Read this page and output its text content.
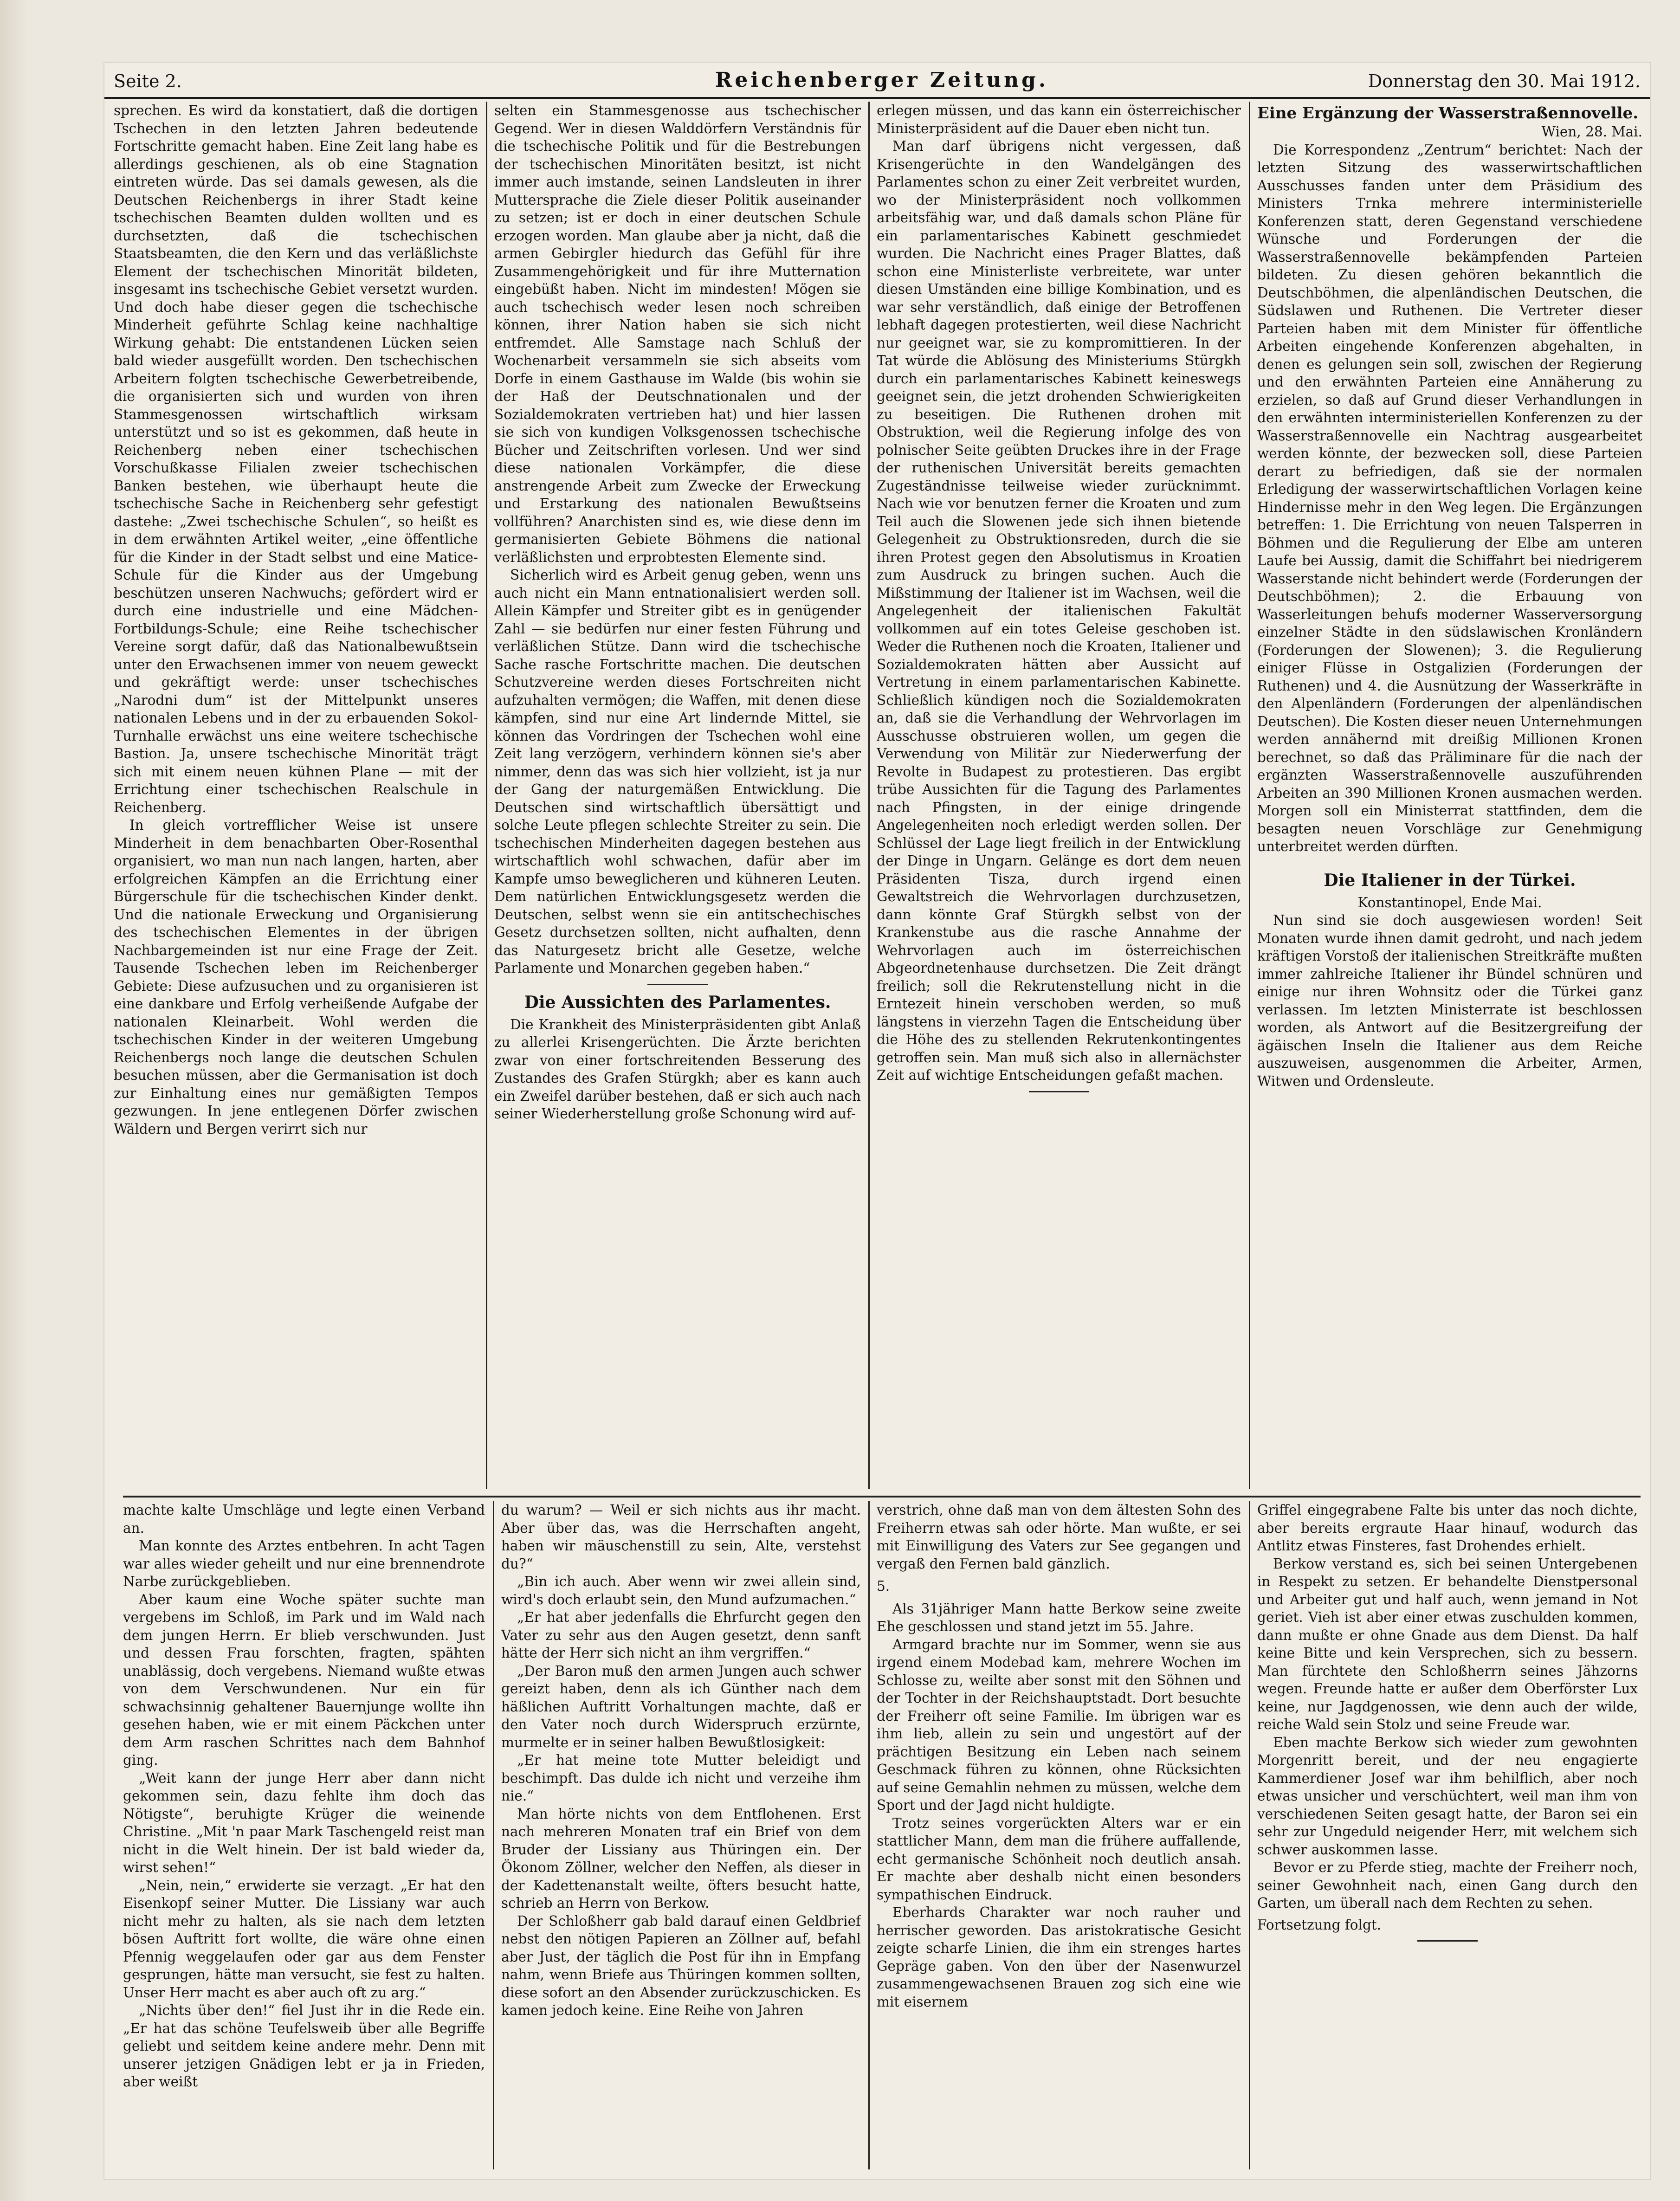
Seite 2.	Reichenberger Zeitung.	Donnerstag den 30. Mai 1912.

sprechen. Es wird da konstatiert, daß die dortigen Tschechen in den letzten Jahren bedeutende Fortschritte gemacht haben. Eine Zeit lang habe es allerdings geschienen, als ob eine Stagnation eintreten würde. Das sei damals gewesen, als die Deutschen Reichenbergs in ihrer Stadt keine tschechischen Beamten dulden wollten und es durchsetzten, daß die tschechischen Staatsbeamten, die den Kern und das verläßlichste Element der tschechischen Minorität bildeten, insgesamt ins tschechische Gebiet versetzt wurden. Und doch habe dieser gegen die tschechische Minderheit geführte Schlag keine nachhaltige Wirkung gehabt: Die entstandenen Lücken seien bald wieder ausgefüllt worden. Den tschechischen Arbeitern folgten tschechische Gewerbetreibende, die organisierten sich und wurden von ihren Stammesgenossen wirtschaftlich wirksam unterstützt und so ist es gekommen, daß heute in Reichenberg neben einer tschechischen Vorschußkasse Filialen zweier tschechischen Banken bestehen, wie überhaupt heute die tschechische Sache in Reichenberg sehr gefestigt dastehe: „Zwei tschechische Schulen“, so heißt es in dem erwähnten Artikel weiter, „eine öffentliche für die Kinder in der Stadt selbst und eine Matice-Schule für die Kinder aus der Umgebung beschützen unseren Nachwuchs; gefördert wird er durch eine industrielle und eine Mädchen-Fortbildungs-Schule; eine Reihe tschechischer Vereine sorgt dafür, daß das Nationalbewußtsein unter den Erwachsenen immer von neuem geweckt und gekräftigt werde: unser tschechisches „Narodni dum“ ist der Mittelpunkt unseres nationalen Lebens und in der zu erbauenden Sokol-Turnhalle erwächst uns eine weitere tschechische Bastion. Ja, unsere tschechische Minorität trägt sich mit einem neuen kühnen Plane — mit der Errichtung einer tschechischen Realschule in Reichenberg.

In gleich vortrefflicher Weise ist unsere Minderheit in dem benachbarten Ober-Rosenthal organisiert, wo man nun nach langen, harten, aber erfolgreichen Kämpfen an die Errichtung einer Bürgerschule für die tschechischen Kinder denkt. Und die nationale Erweckung und Organisierung des tschechischen Elementes in der übrigen Nachbargemeinden ist nur eine Frage der Zeit. Tausende Tschechen leben im Reichenberger Gebiete: Diese aufzusuchen und zu organisieren ist eine dankbare und Erfolg verheißende Aufgabe der nationalen Kleinarbeit. Wohl werden die tschechischen Kinder in der weiteren Umgebung Reichenbergs noch lange die deutschen Schulen besuchen müssen, aber die Germanisation ist doch zur Einhaltung eines nur gemäßigten Tempos gezwungen. In jene entlegenen Dörfer zwischen Wäldern und Bergen verirrt sich nur

selten ein Stammesgenosse aus tschechischer Gegend. Wer in diesen Walddörfern Verständnis für die tschechische Politik und für die Bestrebungen der tschechischen Minoritäten besitzt, ist nicht immer auch imstande, seinen Landsleuten in ihrer Muttersprache die Ziele dieser Politik auseinander zu setzen; ist er doch in einer deutschen Schule erzogen worden. Man glaube aber ja nicht, daß die armen Gebirgler hiedurch das Gefühl für ihre Zusammengehörigkeit und für ihre Mutternation eingebüßt haben. Nicht im mindesten! Mögen sie auch tschechisch weder lesen noch schreiben können, ihrer Nation haben sie sich nicht entfremdet. Alle Samstage nach Schluß der Wochenarbeit versammeln sie sich abseits vom Dorfe in einem Gasthause im Walde (bis wohin sie der Haß der Deutschnationalen und der Sozialdemokraten vertrieben hat) und hier lassen sie sich von kundigen Volksgenossen tschechische Bücher und Zeitschriften vorlesen. Und wer sind diese nationalen Vorkämpfer, die diese anstrengende Arbeit zum Zwecke der Erweckung und Erstarkung des nationalen Bewußtseins vollführen? Anarchisten sind es, wie diese denn im germanisierten Gebiete Böhmens die national verläßlichsten und erprobtesten Elemente sind.

Sicherlich wird es Arbeit genug geben, wenn uns auch nicht ein Mann entnationalisiert werden soll. Allein Kämpfer und Streiter gibt es in genügender Zahl — sie bedürfen nur einer festen Führung und verläßlichen Stütze. Dann wird die tschechische Sache rasche Fortschritte machen. Die deutschen Schutzvereine werden dieses Fortschreiten nicht aufzuhalten vermögen; die Waffen, mit denen diese kämpfen, sind nur eine Art lindernde Mittel, sie können das Vordringen der Tschechen wohl eine Zeit lang verzögern, verhindern können sie's aber nimmer, denn das was sich hier vollzieht, ist ja nur der Gang der naturgemäßen Entwicklung. Die Deutschen sind wirtschaftlich übersättigt und solche Leute pflegen schlechte Streiter zu sein. Die tschechischen Minderheiten dagegen bestehen aus wirtschaftlich wohl schwachen, dafür aber im Kampfe umso beweglicheren und kühneren Leuten. Dem natürlichen Entwicklungsgesetz werden die Deutschen, selbst wenn sie ein antitschechisches Gesetz durchsetzen sollten, nicht aufhalten, denn das Naturgesetz bricht alle Gesetze, welche Parlamente und Monarchen gegeben haben.“

Die Aussichten des Parlamentes.

Die Krankheit des Ministerpräsidenten gibt Anlaß zu allerlei Krisengerüchten. Die Ärzte berichten zwar von einer fortschreitenden Besserung des Zustandes des Grafen Stürgkh; aber es kann auch ein Zweifel darüber bestehen, daß er sich auch nach seiner Wiederherstellung große Schonung wird auf-

erlegen müssen, und das kann ein österreichischer Ministerpräsident auf die Dauer eben nicht tun.

Man darf übrigens nicht vergessen, daß Krisengerüchte in den Wandelgängen des Parlamentes schon zu einer Zeit verbreitet wurden, wo der Ministerpräsident noch vollkommen arbeitsfähig war, und daß damals schon Pläne für ein parlamentarisches Kabinett geschmiedet wurden. Die Nachricht eines Prager Blattes, daß schon eine Ministerliste verbreitete, war unter diesen Umständen eine billige Kombination, und es war sehr verständlich, daß einige der Betroffenen lebhaft dagegen protestierten, weil diese Nachricht nur geeignet war, sie zu kompromittieren. In der Tat würde die Ablösung des Ministeriums Stürgkh durch ein parlamentarisches Kabinett keineswegs geeignet sein, die jetzt drohenden Schwierigkeiten zu beseitigen. Die Ruthenen drohen mit Obstruktion, weil die Regierung infolge des von polnischer Seite geübten Druckes ihre in der Frage der ruthenischen Universität bereits gemachten Zugeständnisse teilweise wieder zurücknimmt. Nach wie vor benutzen ferner die Kroaten und zum Teil auch die Slowenen jede sich ihnen bietende Gelegenheit zu Obstruktionsreden, durch die sie ihren Protest gegen den Absolutismus in Kroatien zum Ausdruck zu bringen suchen. Auch die Mißstimmung der Italiener ist im Wachsen, weil die Angelegenheit der italienischen Fakultät vollkommen auf ein totes Geleise geschoben ist. Weder die Ruthenen noch die Kroaten, Italiener und Sozialdemokraten hätten aber Aussicht auf Vertretung in einem parlamentarischen Kabinette. Schließlich kündigen noch die Sozialdemokraten an, daß sie die Verhandlung der Wehrvorlagen im Ausschusse obstruieren wollen, um gegen die Verwendung von Militär zur Niederwerfung der Revolte in Budapest zu protestieren. Das ergibt trübe Aussichten für die Tagung des Parlamentes nach Pfingsten, in der einige dringende Angelegenheiten noch erledigt werden sollen. Der Schlüssel der Lage liegt freilich in der Entwicklung der Dinge in Ungarn. Gelänge es dort dem neuen Präsidenten Tisza, durch irgend einen Gewaltstreich die Wehrvorlagen durchzusetzen, dann könnte Graf Stürgkh selbst von der Krankenstube aus die rasche Annahme der Wehrvorlagen auch im österreichischen Abgeordnetenhause durchsetzen. Die Zeit drängt freilich; soll die Rekrutenstellung nicht in die Erntezeit hinein verschoben werden, so muß längstens in vierzehn Tagen die Entscheidung über die Höhe des zu stellenden Rekrutenkontingentes getroffen sein. Man muß sich also in allernächster Zeit auf wichtige Entscheidungen gefaßt machen.

Eine Ergänzung der Wasserstraßennovelle.
Wien, 28. Mai.

Die Korrespondenz „Zentrum“ berichtet: Nach der letzten Sitzung des wasserwirtschaftlichen Ausschusses fanden unter dem Präsidium des Ministers Trnka mehrere interministerielle Konferenzen statt, deren Gegenstand verschiedene Wünsche und Forderungen der die Wasserstraßennovelle bekämpfenden Parteien bildeten. Zu diesen gehören bekanntlich die Deutschböhmen, die alpenländischen Deutschen, die Südslawen und Ruthenen. Die Vertreter dieser Parteien haben mit dem Minister für öffentliche Arbeiten eingehende Konferenzen abgehalten, in denen es gelungen sein soll, zwischen der Regierung und den erwähnten Parteien eine Annäherung zu erzielen, so daß auf Grund dieser Verhandlungen in den erwähnten interministeriellen Konferenzen zu der Wasserstraßennovelle ein Nachtrag ausgearbeitet werden könnte, der bezwecken soll, diese Parteien derart zu befriedigen, daß sie der normalen Erledigung der wasserwirtschaftlichen Vorlagen keine Hindernisse mehr in den Weg legen. Die Ergänzungen betreffen: 1. Die Errichtung von neuen Talsperren in Böhmen und die Regulierung der Elbe am unteren Laufe bei Aussig, damit die Schiffahrt bei niedrigerem Wasserstande nicht behindert werde (Forderungen der Deutschböhmen); 2. die Erbauung von Wasserleitungen behufs moderner Wasserversorgung einzelner Städte in den südslawischen Kronländern (Forderungen der Slowenen); 3. die Regulierung einiger Flüsse in Ostgalizien (Forderungen der Ruthenen) und 4. die Ausnützung der Wasserkräfte in den Alpenländern (Forderungen der alpenländischen Deutschen). Die Kosten dieser neuen Unternehmungen werden annähernd mit dreißig Millionen Kronen berechnet, so daß das Präliminare für die nach der ergänzten Wasserstraßennovelle auszuführenden Arbeiten an 390 Millionen Kronen ausmachen werden. Morgen soll ein Ministerrat stattfinden, dem die besagten neuen Vorschläge zur Genehmigung unterbreitet werden dürften.

Die Italiener in der Türkei.
Konstantinopel, Ende Mai.

Nun sind sie doch ausgewiesen worden! Seit Monaten wurde ihnen damit gedroht, und nach jedem kräftigen Vorstoß der italienischen Streitkräfte mußten immer zahlreiche Italiener ihr Bündel schnüren und einige nur ihren Wohnsitz oder die Türkei ganz verlassen. Im letzten Ministerrate ist beschlossen worden, als Antwort auf die Besitzergreifung der ägäischen Inseln die Italiener aus dem Reiche auszuweisen, ausgenommen die Arbeiter, Armen, Witwen und Ordensleute.

machte kalte Umschläge und legte einen Verband an.

Man konnte des Arztes entbehren. In acht Tagen war alles wieder geheilt und nur eine brennendrote Narbe zurückgeblieben.

Aber kaum eine Woche später suchte man vergebens im Schloß, im Park und im Wald nach dem jungen Herrn. Er blieb verschwunden. Just und dessen Frau forschten, fragten, spähten unablässig, doch vergebens. Niemand wußte etwas von dem Verschwundenen. Nur ein für schwachsinnig gehaltener Bauernjunge wollte ihn gesehen haben, wie er mit einem Päckchen unter dem Arm raschen Schrittes nach dem Bahnhof ging.

„Weit kann der junge Herr aber dann nicht gekommen sein, dazu fehlte ihm doch das Nötigste“, beruhigte Krüger die weinende Christine. „Mit 'n paar Mark Taschengeld reist man nicht in die Welt hinein. Der ist bald wieder da, wirst sehen!“

„Nein, nein,“ erwiderte sie verzagt. „Er hat den Eisenkopf seiner Mutter. Die Lissiany war auch nicht mehr zu halten, als sie nach dem letzten bösen Auftritt fort wollte, die wäre ohne einen Pfennig weggelaufen oder gar aus dem Fenster gesprungen, hätte man versucht, sie fest zu halten. Unser Herr macht es aber auch oft zu arg.“

„Nichts über den!“ fiel Just ihr in die Rede ein. „Er hat das schöne Teufelsweib über alle Begriffe geliebt und seitdem keine andere mehr. Denn mit unserer jetzigen Gnädigen lebt er ja in Frieden, aber weißt

du warum? — Weil er sich nichts aus ihr macht. Aber über das, was die Herrschaften angeht, haben wir mäuschenstill zu sein, Alte, verstehst du?“

„Bin ich auch. Aber wenn wir zwei allein sind, wird's doch erlaubt sein, den Mund aufzumachen.“

„Er hat aber jedenfalls die Ehrfurcht gegen den Vater zu sehr aus den Augen gesetzt, denn sanft hätte der Herr sich nicht an ihm vergriffen.“

„Der Baron muß den armen Jungen auch schwer gereizt haben, denn als ich Günther nach dem häßlichen Auftritt Vorhaltungen machte, daß er den Vater noch durch Widerspruch erzürnte, murmelte er in seiner halben Bewußtlosigkeit:

„Er hat meine tote Mutter beleidigt und beschimpft. Das dulde ich nicht und verzeihe ihm nie.“

Man hörte nichts von dem Entflohenen. Erst nach mehreren Monaten traf ein Brief von dem Bruder der Lissiany aus Thüringen ein. Der Ökonom Zöllner, welcher den Neffen, als dieser in der Kadettenanstalt weilte, öfters besucht hatte, schrieb an Herrn von Berkow.

Der Schloßherr gab bald darauf einen Geldbrief nebst den nötigen Papieren an Zöllner auf, befahl aber Just, der täglich die Post für ihn in Empfang nahm, wenn Briefe aus Thüringen kommen sollten, diese sofort an den Absender zurückzuschicken. Es kamen jedoch keine. Eine Reihe von Jahren

verstrich, ohne daß man von dem ältesten Sohn des Freiherrn etwas sah oder hörte. Man wußte, er sei mit Einwilligung des Vaters zur See gegangen und vergaß den Fernen bald gänzlich.

5.

Als 31jähriger Mann hatte Berkow seine zweite Ehe geschlossen und stand jetzt im 55. Jahre.

Armgard brachte nur im Sommer, wenn sie aus irgend einem Modebad kam, mehrere Wochen im Schlosse zu, weilte aber sonst mit den Söhnen und der Tochter in der Reichshauptstadt. Dort besuchte der Freiherr oft seine Familie. Im übrigen war es ihm lieb, allein zu sein und ungestört auf der prächtigen Besitzung ein Leben nach seinem Geschmack führen zu können, ohne Rücksichten auf seine Gemahlin nehmen zu müssen, welche dem Sport und der Jagd nicht huldigte.

Trotz seines vorgerückten Alters war er ein stattlicher Mann, dem man die frühere auffallende, echt germanische Schönheit noch deutlich ansah. Er machte aber deshalb nicht einen besonders sympathischen Eindruck.

Eberhards Charakter war noch rauher und herrischer geworden. Das aristokratische Gesicht zeigte scharfe Linien, die ihm ein strenges hartes Gepräge gaben. Von den über der Nasenwurzel zusammengewachsenen Brauen zog sich eine wie mit eisernem

Griffel eingegrabene Falte bis unter das noch dichte, aber bereits ergraute Haar hinauf, wodurch das Antlitz etwas Finsteres, fast Drohendes erhielt.

Berkow verstand es, sich bei seinen Untergebenen in Respekt zu setzen. Er behandelte Dienstpersonal und Arbeiter gut und half auch, wenn jemand in Not geriet. Vieh ist aber einer etwas zuschulden kommen, dann mußte er ohne Gnade aus dem Dienst. Da half keine Bitte und kein Versprechen, sich zu bessern. Man fürchtete den Schloßherrn seines Jähzorns wegen. Freunde hatte er außer dem Oberförster Lux keine, nur Jagdgenossen, wie denn auch der wilde, reiche Wald sein Stolz und seine Freude war.

Eben machte Berkow sich wieder zum gewohnten Morgenritt bereit, und der neu engagierte Kammerdiener Josef war ihm behilflich, aber noch etwas unsicher und verschüchtert, weil man ihm von verschiedenen Seiten gesagt hatte, der Baron sei ein sehr zur Ungeduld neigender Herr, mit welchem sich schwer auskommen lasse.

Bevor er zu Pferde stieg, machte der Freiherr noch, seiner Gewohnheit nach, einen Gang durch den Garten, um überall nach dem Rechten zu sehen.

Fortsetzung folgt.
